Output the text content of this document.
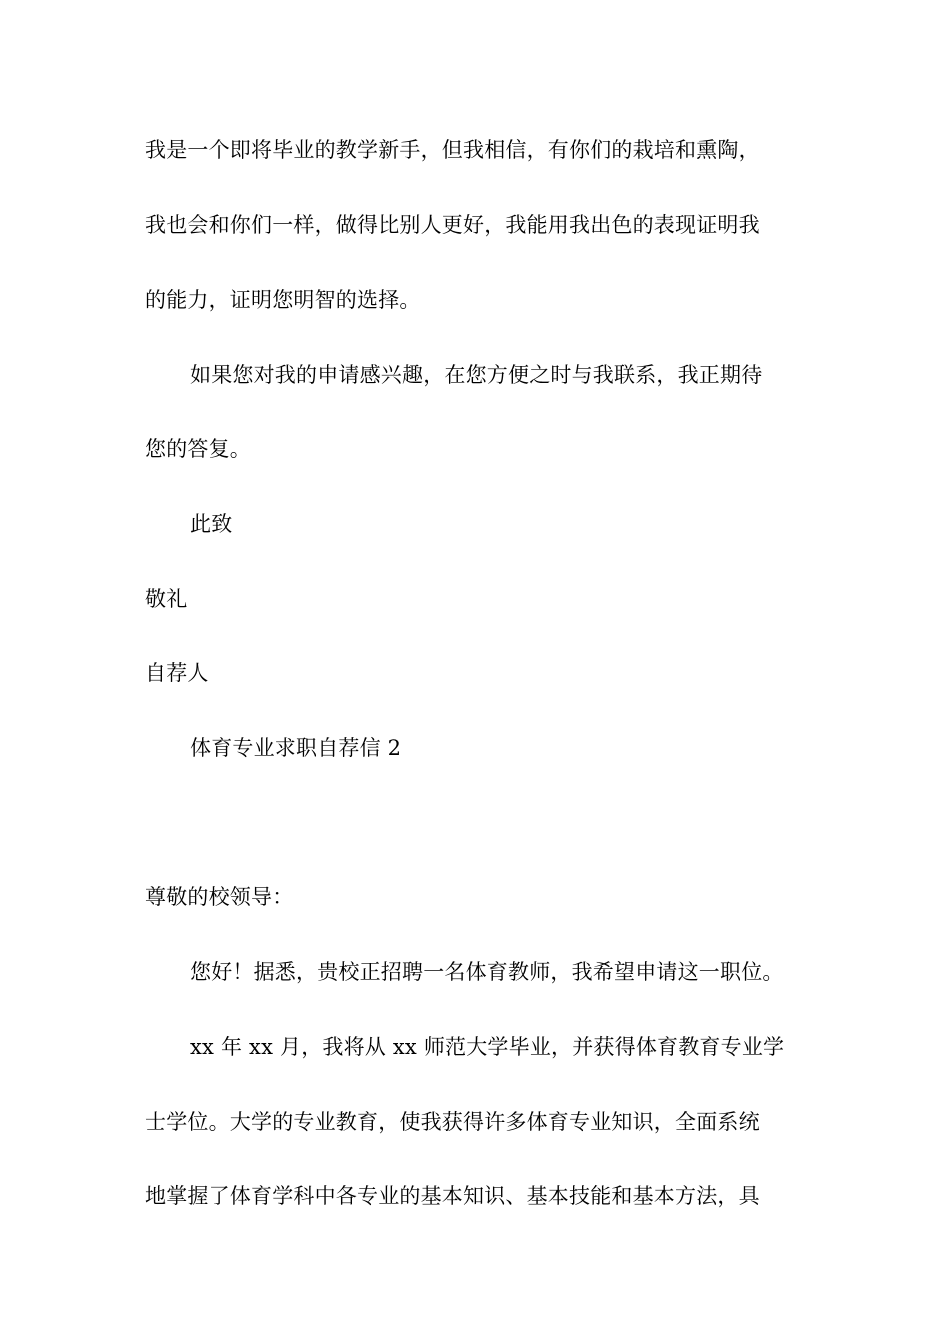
我是一个即将毕业的教学新手，但我相信，有你们的栽培和熏陶，
我也会和你们一样，做得比别人更好，我能用我出色的表现证明我
的能力，证明您明智的选择。
如果您对我的申请感兴趣，在您方便之时与我联系，我正期待
您的答复。
此致
敬礼
自荐人
体育专业求职自荐信 2
尊敬的校领导：
您好！据悉，贵校正招聘一名体育教师，我希望申请这一职位。
xx 年 xx 月，我将从 xx 师范大学毕业，并获得体育教育专业学
士学位。大学的专业教育，使我获得许多体育专业知识，全面系统
地掌握了体育学科中各专业的基本知识、基本技能和基本方法，具
